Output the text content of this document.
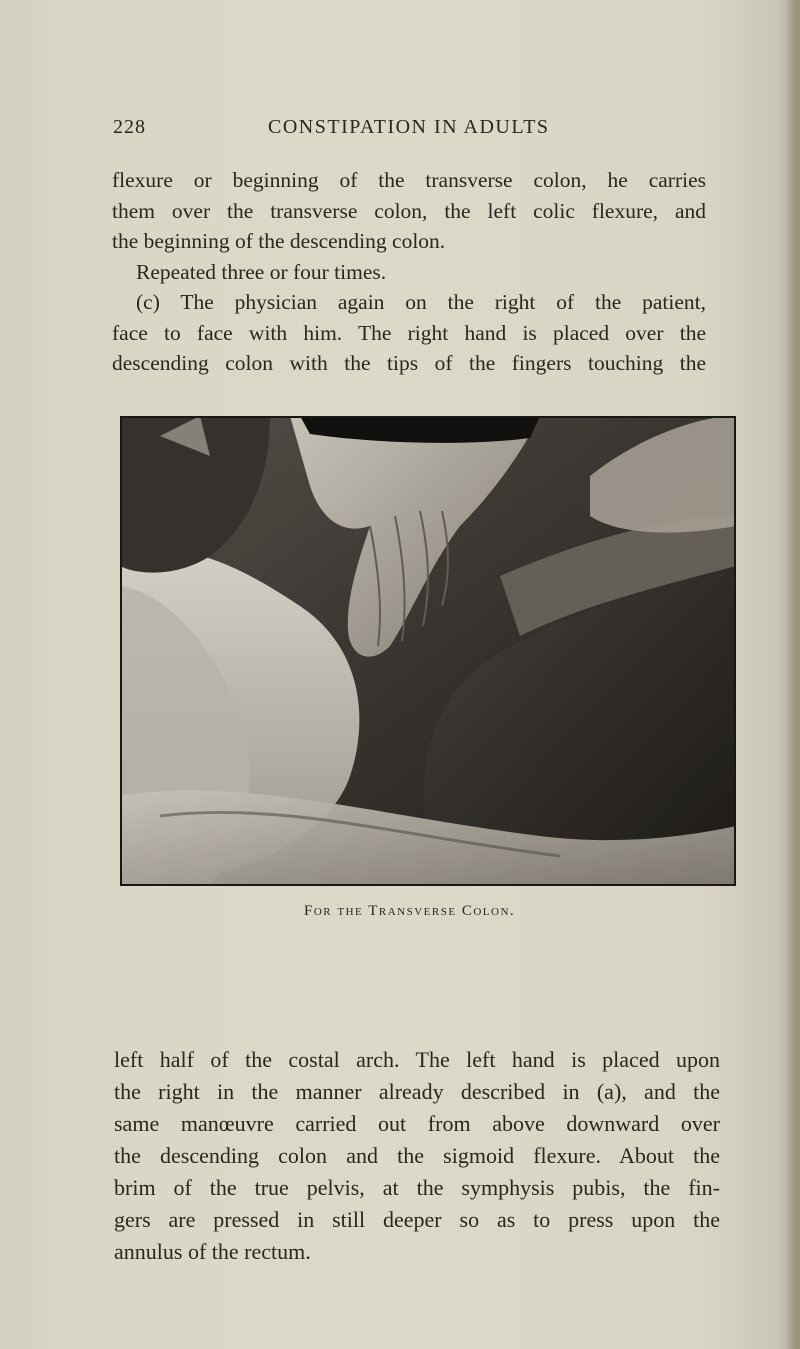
228	CONSTIPATION IN ADULTS
flexure or beginning of the transverse colon, he carries
them over the transverse colon, the left colic flexure, and
the beginning of the descending colon.
Repeated three or four times.
(c) The physician again on the right of the patient,
face to face with him. The right hand is placed over the
descending colon with the tips of the fingers touching the
For the Transverse Colon.
left half of the costal arch. The left hand is placed upon
the right in the manner already described in (a), and the
same manœuvre carried out from above downward over
the descending colon and the sigmoid flexure. About the
brim of the true pelvis, at the symphysis pubis, the fin-
gers are pressed in still deeper so as to press upon the
annulus of the rectum.
